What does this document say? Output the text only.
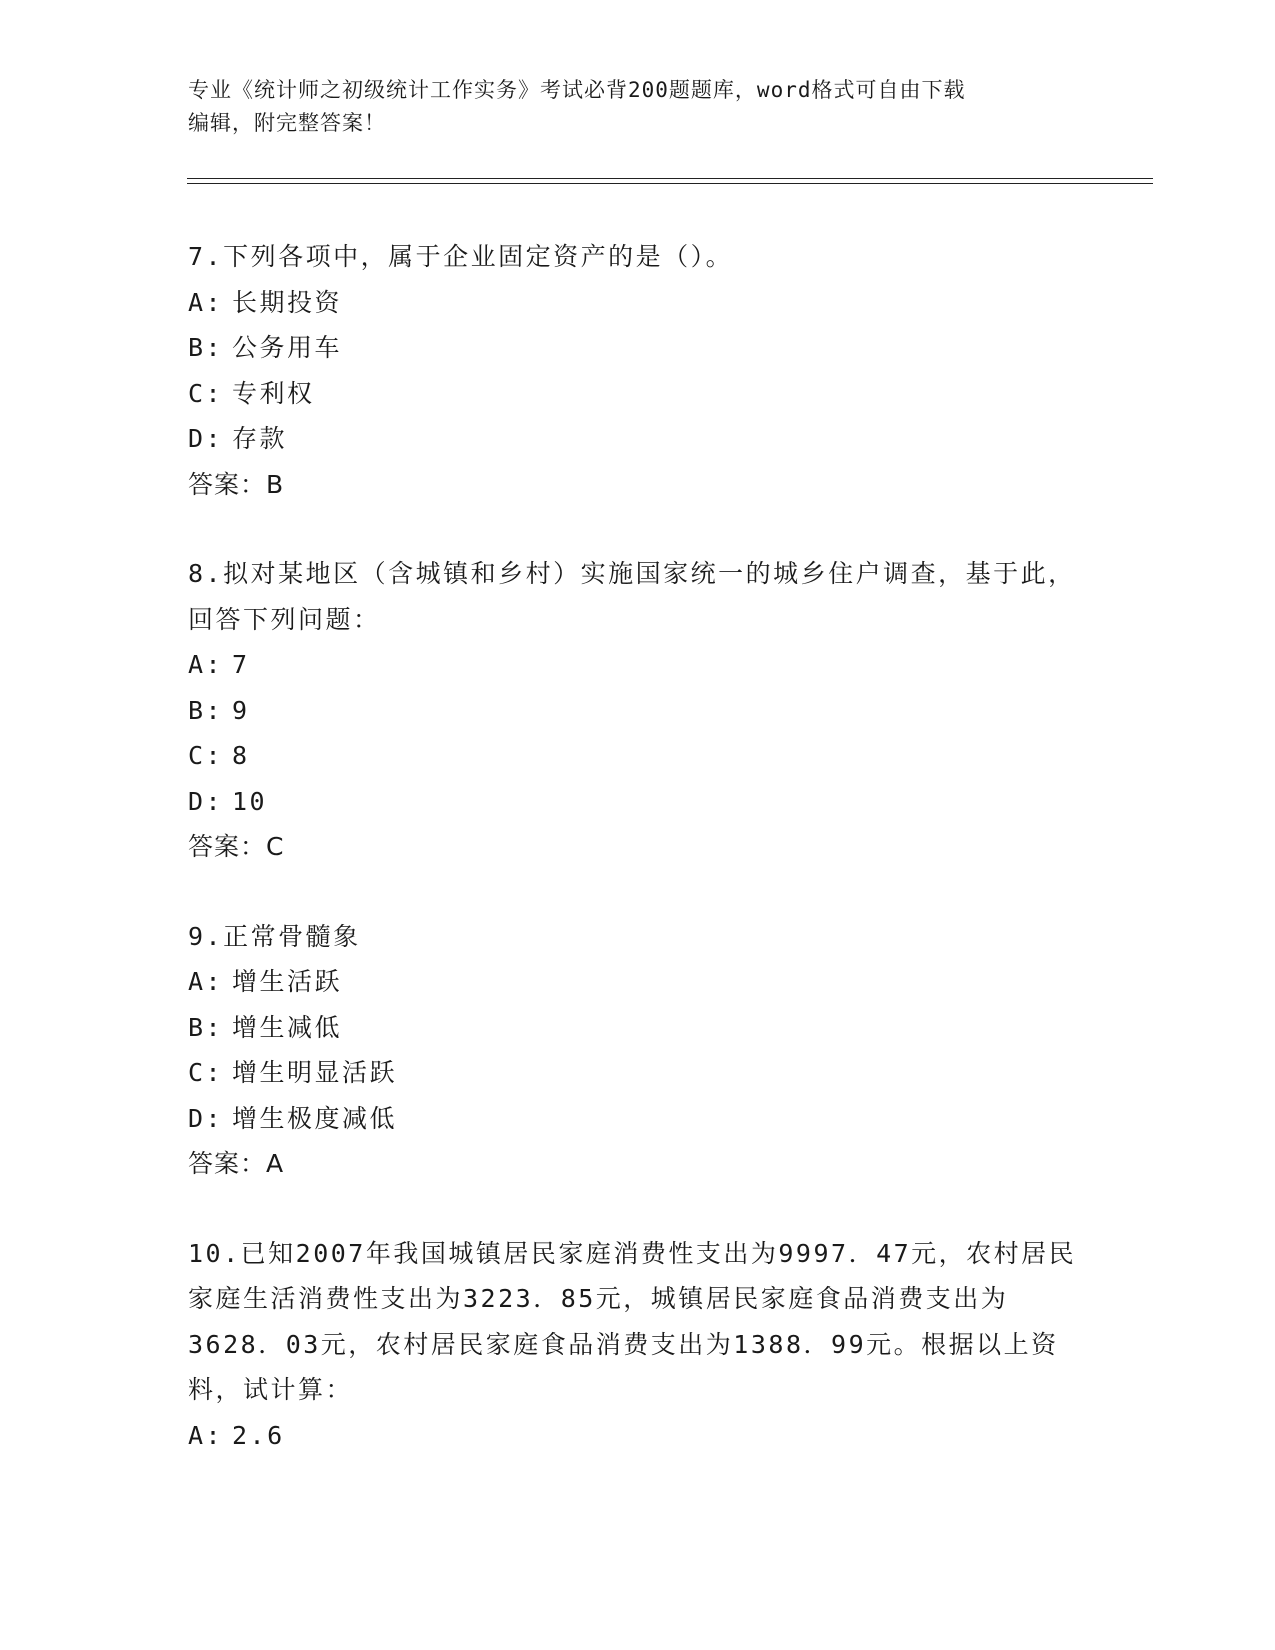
专业《统计师之初级统计工作实务》考试必背200题题库，word格式可自由下载
编辑，附完整答案！
7.下列各项中，属于企业固定资产的是（）。
A: 长期投资
B: 公务用车
C: 专利权
D: 存款
答案：B
8.拟对某地区（含城镇和乡村）实施国家统一的城乡住户调查，基于此，回答下列问题：
A: 7
B: 9
C: 8
D: 10
答案：C
9.正常骨髓象
A: 增生活跃
B: 增生减低
C: 增生明显活跃
D: 增生极度减低
答案：A
10.已知2007年我国城镇居民家庭消费性支出为9997．47元，农村居民家庭生活消费性支出为3223．85元，城镇居民家庭食品消费支出为3628．03元，农村居民家庭食品消费支出为1388．99元。根据以上资料，试计算：
A: 2.6
